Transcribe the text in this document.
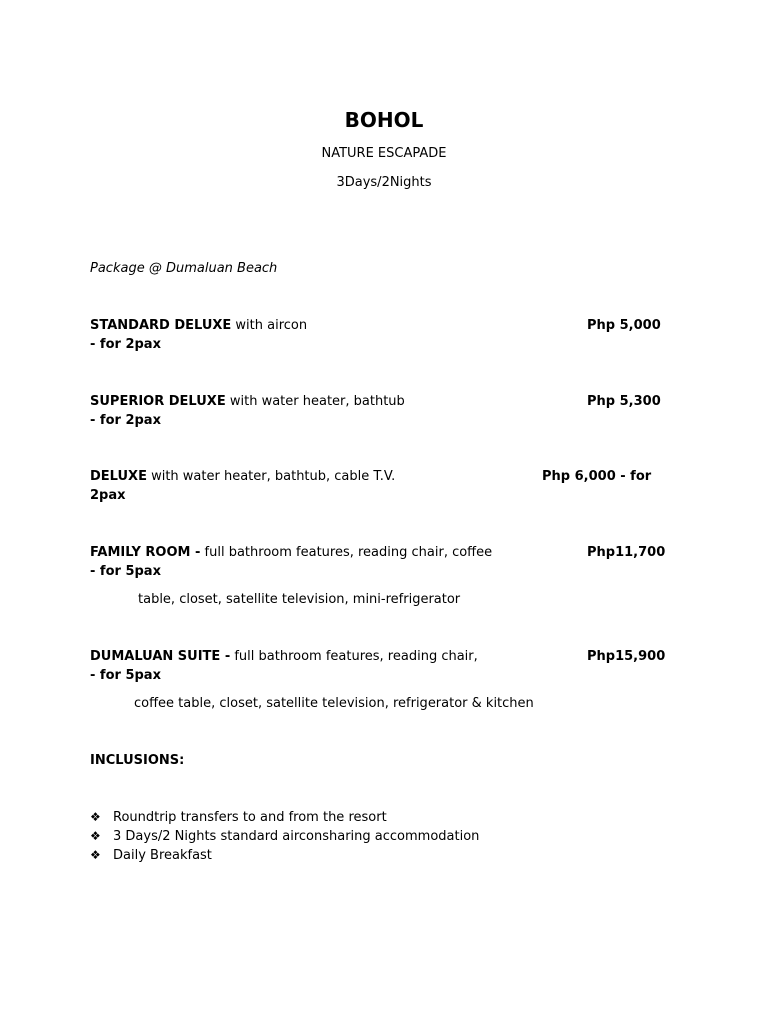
BOHOL
NATURE ESCAPADE
3Days/2Nights
Package @ Dumaluan Beach
STANDARD DELUXE with aircon	Php 5,000
- for 2pax
SUPERIOR DELUXE with water heater, bathtub	Php 5,300
- for 2pax
DELUXE with water heater, bathtub, cable T.V.	Php 6,000 - for
2pax
FAMILY ROOM - full bathroom features, reading chair, coffee	Php11,700
- for 5pax
table, closet, satellite television, mini-refrigerator
DUMALUAN SUITE - full bathroom features, reading chair,	Php15,900
- for 5pax
coffee table, closet, satellite television, refrigerator & kitchen
INCLUSIONS:
❖ Roundtrip transfers to and from the resort
❖ 3 Days/2 Nights standard airconsharing accommodation
❖ Daily Breakfast
